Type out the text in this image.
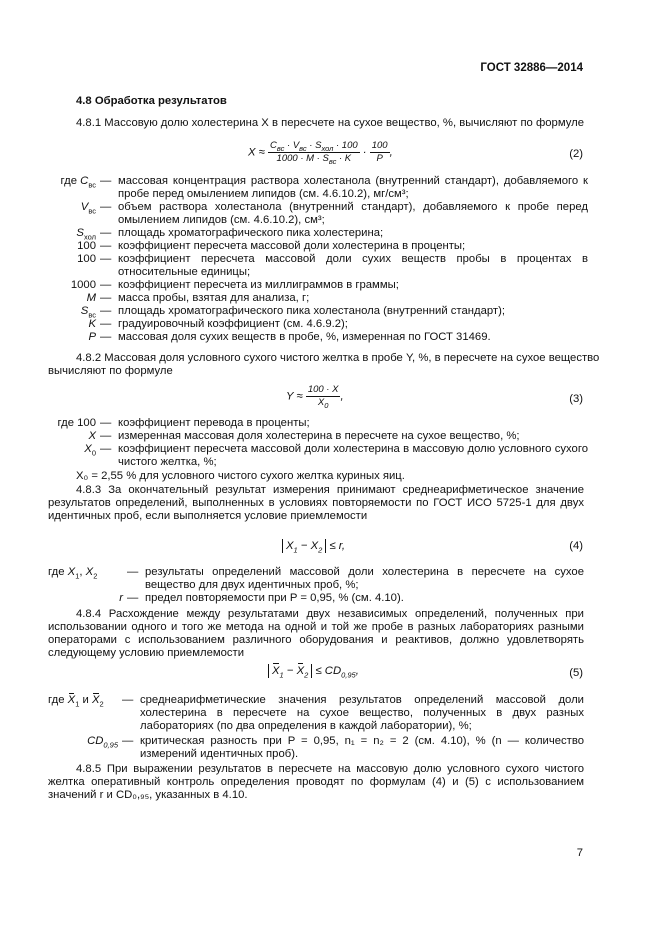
ГОСТ 32886—2014
4.8 Обработка результатов
4.8.1 Массовую долю холестерина X в пересчете на сухое вещество, %, вычисляют по формуле
$X \approx \frac{C_{вс} \cdot V_{вс} \cdot S_{хол} \cdot 100}{1000 \cdot M \cdot S_{вс} \cdot K} \cdot \frac{100}{P}$ ,	(2)
где $C_{вс}$ — массовая концентрация раствора холестанола (внутренний стандарт), добавляемого к пробе перед омылением липидов (см. 4.6.10.2), мг/см³;
$V_{вс}$ — объем раствора холестанола (внутренний стандарт), добавляемого к пробе перед омылением липидов (см. 4.6.10.2), см³;
$S_{хол}$ — площадь хроматографического пика холестерина;
100 — коэффициент пересчета массовой доли холестерина в проценты;
100 — коэффициент пересчета массовой доли сухих веществ пробы в процентах в относительные единицы;
1000 — коэффициент пересчета из миллиграммов в граммы;
M — масса пробы, взятая для анализа, г;
$S_{вс}$ — площадь хроматографического пика холестанола (внутренний стандарт);
K — градуировочный коэффициент (см. 4.6.9.2);
P — массовая доля сухих веществ в пробе, %, измеренная по ГОСТ 31469.
4.8.2 Массовая доля условного сухого чистого желтка в пробе Y, %, в пересчете на сухое вещество
вычисляют по формуле
$Y \approx \frac{100 \cdot X}{X_0}$ ,	(3)
где 100 — коэффициент перевода в проценты;
X — измеренная массовая доля холестерина в пересчете на сухое вещество, %;
$X_0$ — коэффициент пересчета массовой доли холестерина в массовую долю условного сухого чистого желтка, %;
X₀ = 2,55 % для условного чистого сухого желтка куриных яиц.
4.8.3 За окончательный результат измерения принимают среднеарифметическое значение результатов определений, выполненных в условиях повторяемости по ГОСТ ИСО 5725-1 для двух идентичных проб, если выполняется условие приемлемости
$X_1 - X_2 \le r$,	(4)
где $X_1$, $X_2$	— результаты определений массовой доли холестерина в пересчете на сухое вещество для двух идентичных проб, %;
r — предел повторяемости при P = 0,95, % (см. 4.10).
4.8.4 Расхождение между результатами двух независимых определений, полученных при использовании одного и того же метода на одной и той же пробе в разных лабораториях разными операторами с использованием различного оборудования и реактивов, должно удовлетворять следующему условию приемлемости
$X_1 - X_2 \le CD_{0,95}$,	(5)
где $X_1$ и $X_2$	— среднеарифметические значения результатов определений массовой доли холестерина в пересчете на сухое вещество, полученных в двух разных лабораториях (по два определения в каждой лаборатории), %;
$CD_{0,95}$ — критическая разность при P = 0,95, n₁ = n₂ = 2 (см. 4.10), % (n — количество измерений идентичных проб).
4.8.5 При выражении результатов в пересчете на массовую долю условного сухого чистого желтка оперативный контроль определения проводят по формулам (4) и (5) с использованием значений r и CD₀,₉₅, указанных в 4.10.
7
